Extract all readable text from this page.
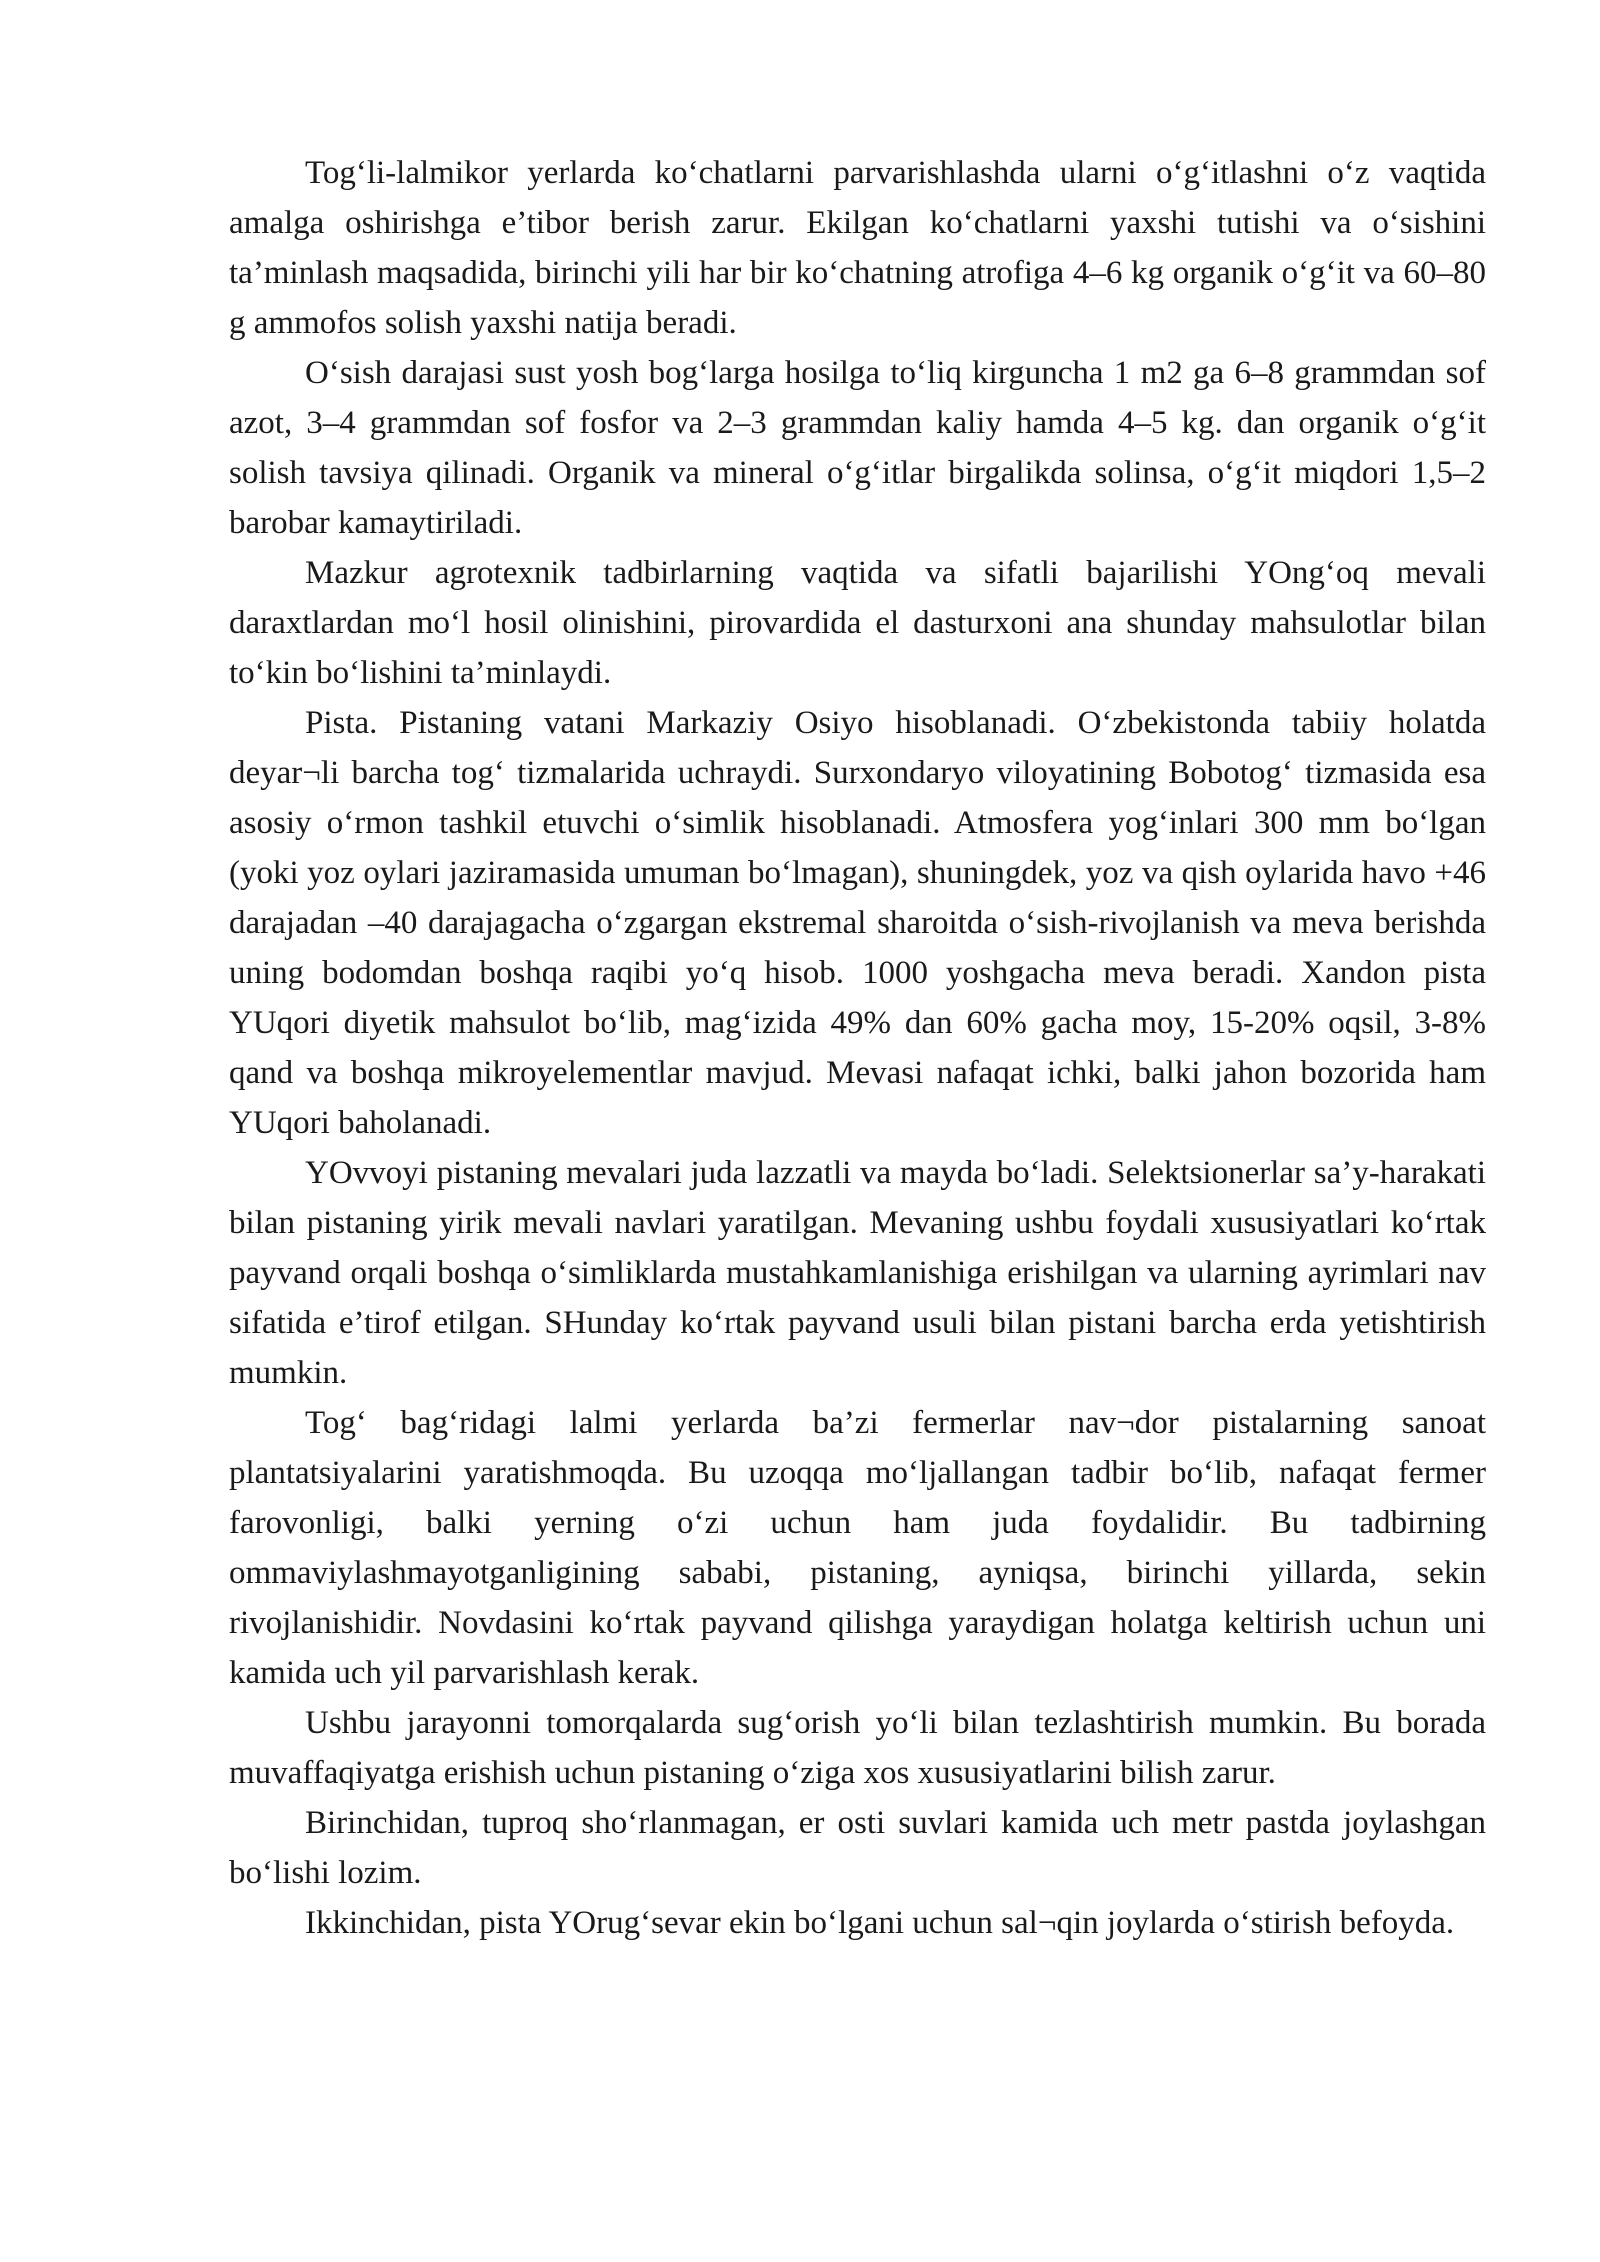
Tog‘li-lalmikor yerlarda ko‘chatlarni parvarishlashda ularni o‘g‘itlashni o‘z vaqtida amalga oshirishga e’tibor berish zarur. Ekilgan ko‘chatlarni yaxshi tutishi va o‘sishini ta’minlash maqsadida, birinchi yili har bir ko‘chatning atrofiga 4–6 kg organik o‘g‘it va 60–80 g ammofos solish yaxshi natija beradi.

O‘sish darajasi sust yosh bog‘larga hosilga to‘liq kirguncha 1 m2 ga 6–8 grammdan sof azot, 3–4 grammdan sof fosfor va 2–3 grammdan kaliy hamda 4–5 kg. dan organik o‘g‘it solish tavsiya qilinadi. Organik va mineral o‘g‘itlar birgalikda solinsa, o‘g‘it miqdori 1,5–2 barobar kamaytiriladi.

Mazkur agrotexnik tadbirlarning vaqtida va sifatli bajarilishi YOng‘oq mevali daraxtlardan mo‘l hosil olinishini, pirovardida el dasturxoni ana shunday mahsulotlar bilan to‘kin bo‘lishini ta’minlaydi.

Pista. Pistaning vatani Markaziy Osiyo hisoblanadi. O‘zbekistonda tabiiy holatda deyar¬li barcha tog‘ tizmalarida uchraydi. Surxondaryo viloyatining Bobotog‘ tizmasida esa asosiy o‘rmon tashkil etuvchi o‘simlik hisoblanadi. Atmosfera yog‘inlari 300 mm bo‘lgan (yoki yoz oylari jaziramasida umuman bo‘lmagan), shuningdek, yoz va qish oylarida havo +46 darajadan –40 darajagacha o‘zgargan ekstremal sharoitda o‘sish-rivojlanish va meva berishda uning bodomdan boshqa raqibi yo‘q hisob. 1000 yoshgacha meva beradi. Xandon pista YUqori diyetik mahsulot bo‘lib, mag‘izida 49% dan 60% gacha moy, 15-20% oqsil, 3-8% qand va boshqa mikroyelementlar mavjud. Mevasi nafaqat ichki, balki jahon bozorida ham YUqori baholanadi.

YOvvoyi pistaning mevalari juda lazzatli va mayda bo‘ladi. Selektsionerlar sa’y-harakati bilan pistaning yirik mevali navlari yaratilgan. Mevaning ushbu foydali xususiyatlari ko‘rtak payvand orqali boshqa o‘simliklarda mustahkamlanishiga erishilgan va ularning ayrimlari nav sifatida e’tirof etilgan. SHunday ko‘rtak payvand usuli bilan pistani barcha erda yetishtirish mumkin.

Tog‘ bag‘ridagi lalmi yerlarda ba’zi fermerlar nav¬dor pistalarning sanoat plantatsiyalarini yaratishmoqda. Bu uzoqqa mo‘ljallangan tadbir bo‘lib, nafaqat fermer farovonligi, balki yerning o‘zi uchun ham juda foydalidir. Bu tadbirning ommaviylashmayotganligining sababi, pistaning, ayniqsa, birinchi yillarda, sekin rivojlanishidir. Novdasini ko‘rtak payvand qilishga yaraydigan holatga keltirish uchun uni kamida uch yil parvarishlash kerak.

Ushbu jarayonni tomorqalarda sug‘orish yo‘li bilan tezlashtirish mumkin. Bu borada muvaffaqiyatga erishish uchun pistaning o‘ziga xos xususiyatlarini bilish zarur.

Birinchidan, tuproq sho‘rlanmagan, er osti suvlari kamida uch metr pastda joylashgan bo‘lishi lozim.

Ikkinchidan, pista YOrug‘sevar ekin bo‘lgani uchun sal¬qin joylarda o‘stirish befoyda.
